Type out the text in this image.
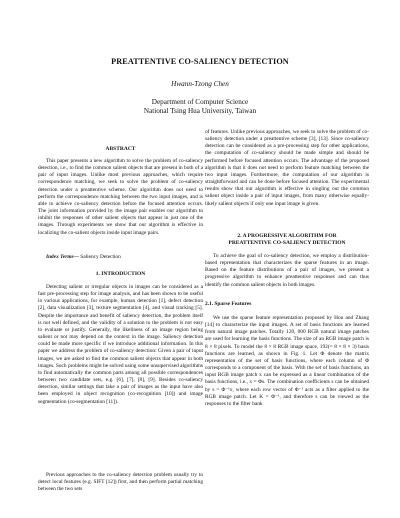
PREATTENTIVE CO-SALIENCY DETECTION
Hwann-Tzong Chen
Department of Computer Science
National Tsing Hua University, Taiwan
ABSTRACT
This paper presents a new algorithm to solve the problem of co-saliency detection, i.e., to find the common salient objects that are present in both of a pair of input images. Unlike most previous approaches, which require correspondence matching, we seek to solve the problem of co-saliency detection under a preattentive scheme. Our algorithm does not need to perform the correspondence matching between the two input images, and is able to achieve co-saliency detection before the focused attention occurs. The joint information provided by the image pair enables our algorithm to inhibit the responses of other salient objects that appear in just one of the images. Through experiments we show that our algorithm is effective in localizing the co-salient objects inside input image pairs.
Index Terms— Saliency Detection
1. INTRODUCTION
Detecting salient or irregular objects in images can be considered as a fast pre-processing step for image analysis, and has been shown to be useful in various applications, for example, human detection [1], defect detection [2], data visualization [3], texture segmentation [4], and visual tracking [5]. Despite the importance and benefit of saliency detection, the problem itself is not well defined, and the validity of a solution to the problem is not easy to evaluate or justify. Generally, the likeliness of an image region being salient or not may depend on the context in the image. Saliency detection could be made more specific if we introduce additional information. In this paper we address the problem of co-saliency detection: Given a pair of input images, we are asked to find the common salient objects that appear in both images. Such problems might be solved using some unsupervised algorithms to find automatically the common parts among all possible correspondences between two candidate sets, e.g. [6], [7], [8], [9]. Besides co-saliency detection, similar settings that take a pair of images as the input have also been employed in object recognition (co-recognition [10]) and image segmentation (co-segmentation [11]).
Previous approaches to the co-saliency detection problem usually try to detect local features (e.g. SIFT [12]) first, and then perform partial matching between the two sets
of features. Unlike previous approaches, we seek to solve the problem of co-saliency detection under a preattentive scheme [3], [13]. Since co-saliency detection can be considered as a pre-processing step for other applications, the computation of co-saliency should be made simple and should be performed before focused attention occurs. The advantage of the proposed algorithm is that it does not need to perform feature matching between the two input images. Furthermore, the computation of our algorithm is straightforward and can be done before focused attention. The experimental results show that our algorithm is effective in singling out the common salient object inside a pair of input images, from many otherwise equally-likely salient objects if only one input image is given.
2. A PROGRESSIVE ALGORITHM FOR
PREATTENTIVE CO-SALIENCY DETECTION
To achieve the goal of co-saliency detection, we employ a distribution-based representation that characterizes the sparse features in an image. Based on the feature distributions of a pair of images, we present a progressive algorithm to enhance preattentive responses and can thus identify the common salient objects in both images.
2.1. Sparse Features
We use the sparse feature representation proposed by Hou and Zhang [14] to characterize the input images. A set of basis functions are learned from natural image patches. Totally 120, 000 RGB natural image patches are used for learning the basis functions. The size of an RGB image patch is 8 × 8 pixels. To model the 8 × 8 RGB image space, 192(= 8 × 8 × 3) basis functions are learned, as shown in Fig. 1. Let Φ denote the matrix representation of the set of basis functions, where each column of Φ corresponds to a component of the basis. With the set of basis functions, an input RGB image patch x can be expressed as a linear combination of the basis functions, i.e., x = Φs. The combination coefficients s can be obtained by s = Φ⁻¹x, where each row vector of Φ⁻¹ acts as a filter applied to the RGB image patch. Let K = Φ⁻¹, and therefore s can be viewed as the responses to the filter bank
